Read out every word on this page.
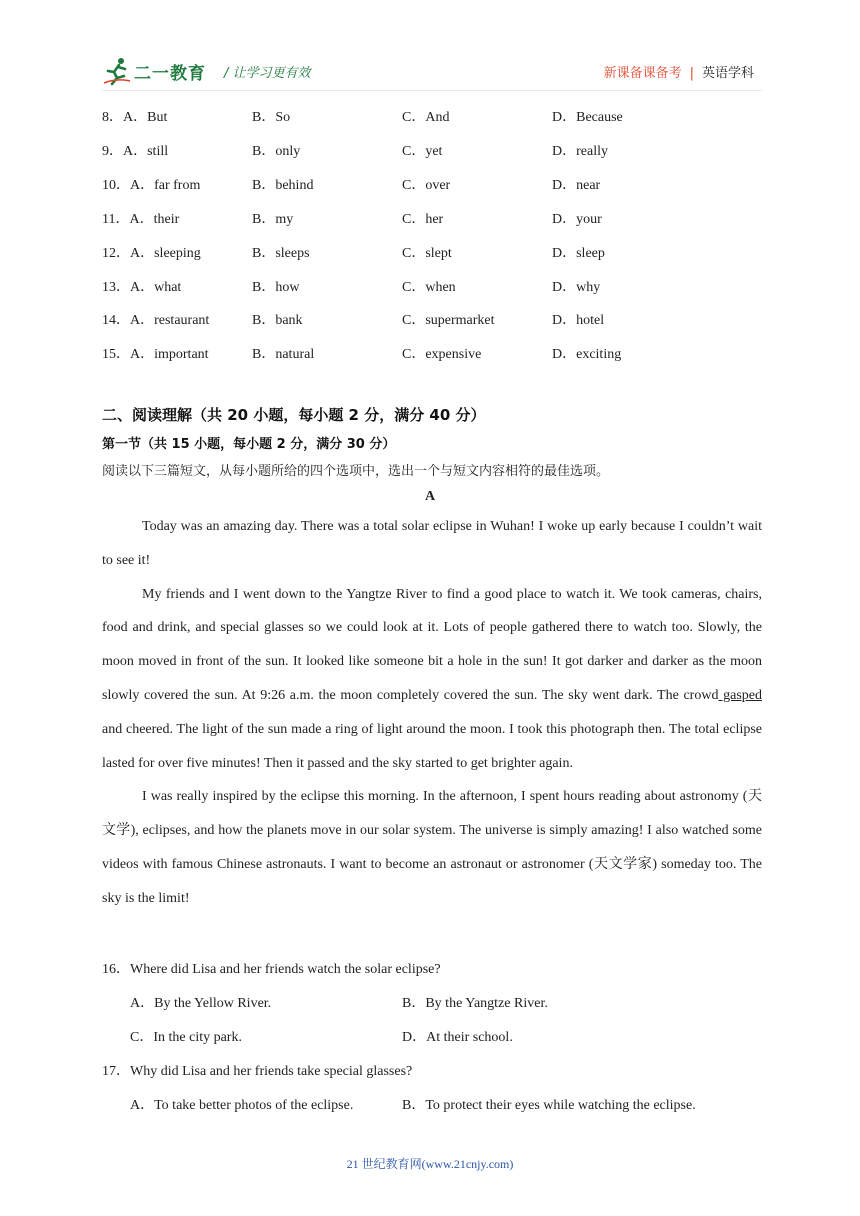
二一教育 / 让学习更有效	新课备课备考 | 英语学科
8．A．But	B．So	C．And	D．Because
9．A．still	B．only	C．yet	D．really
10．A．far from	B．behind	C．over	D．near
11．A．their	B．my	C．her	D．your
12．A．sleeping	B．sleeps	C．slept	D．sleep
13．A．what	B．how	C．when	D．why
14．A．restaurant	B．bank	C．supermarket	D．hotel
15．A．important	B．natural	C．expensive	D．exciting
二、阅读理解（共 20 小题，每小题 2 分，满分 40 分）
第一节（共 15 小题，每小题 2 分，满分 30 分）
阅读以下三篇短文，从每小题所给的四个选项中，选出一个与短文内容相符的最佳选项。
A

Today was an amazing day. There was a total solar eclipse in Wuhan! I woke up early because I couldn’t wait to see it!

My friends and I went down to the Yangtze River to find a good place to watch it. We took cameras, chairs, food and drink, and special glasses so we could look at it. Lots of people gathered there to watch too. Slowly, the moon moved in front of the sun. It looked like someone bit a hole in the sun! It got darker and darker as the moon slowly covered the sun. At 9:26 a.m. the moon completely covered the sun. The sky went dark. The crowd gasped and cheered. The light of the sun made a ring of light around the moon. I took this photograph then. The total eclipse lasted for over five minutes! Then it passed and the sky started to get brighter again.

I was really inspired by the eclipse this morning. In the afternoon, I spent hours reading about astronomy (天文学), eclipses, and how the planets move in our solar system. The universe is simply amazing! I also watched some videos with famous Chinese astronauts. I want to become an astronaut or astronomer (天文学家) someday too. The sky is the limit!

16．Where did Lisa and her friends watch the solar eclipse?
A．By the Yellow River.	B．By the Yangtze River.
C．In the city park.	D．At their school.
17．Why did Lisa and her friends take special glasses?
A．To take better photos of the eclipse.	B．To protect their eyes while watching the eclipse.
21 世纪教育网(www.21cnjy.com)
